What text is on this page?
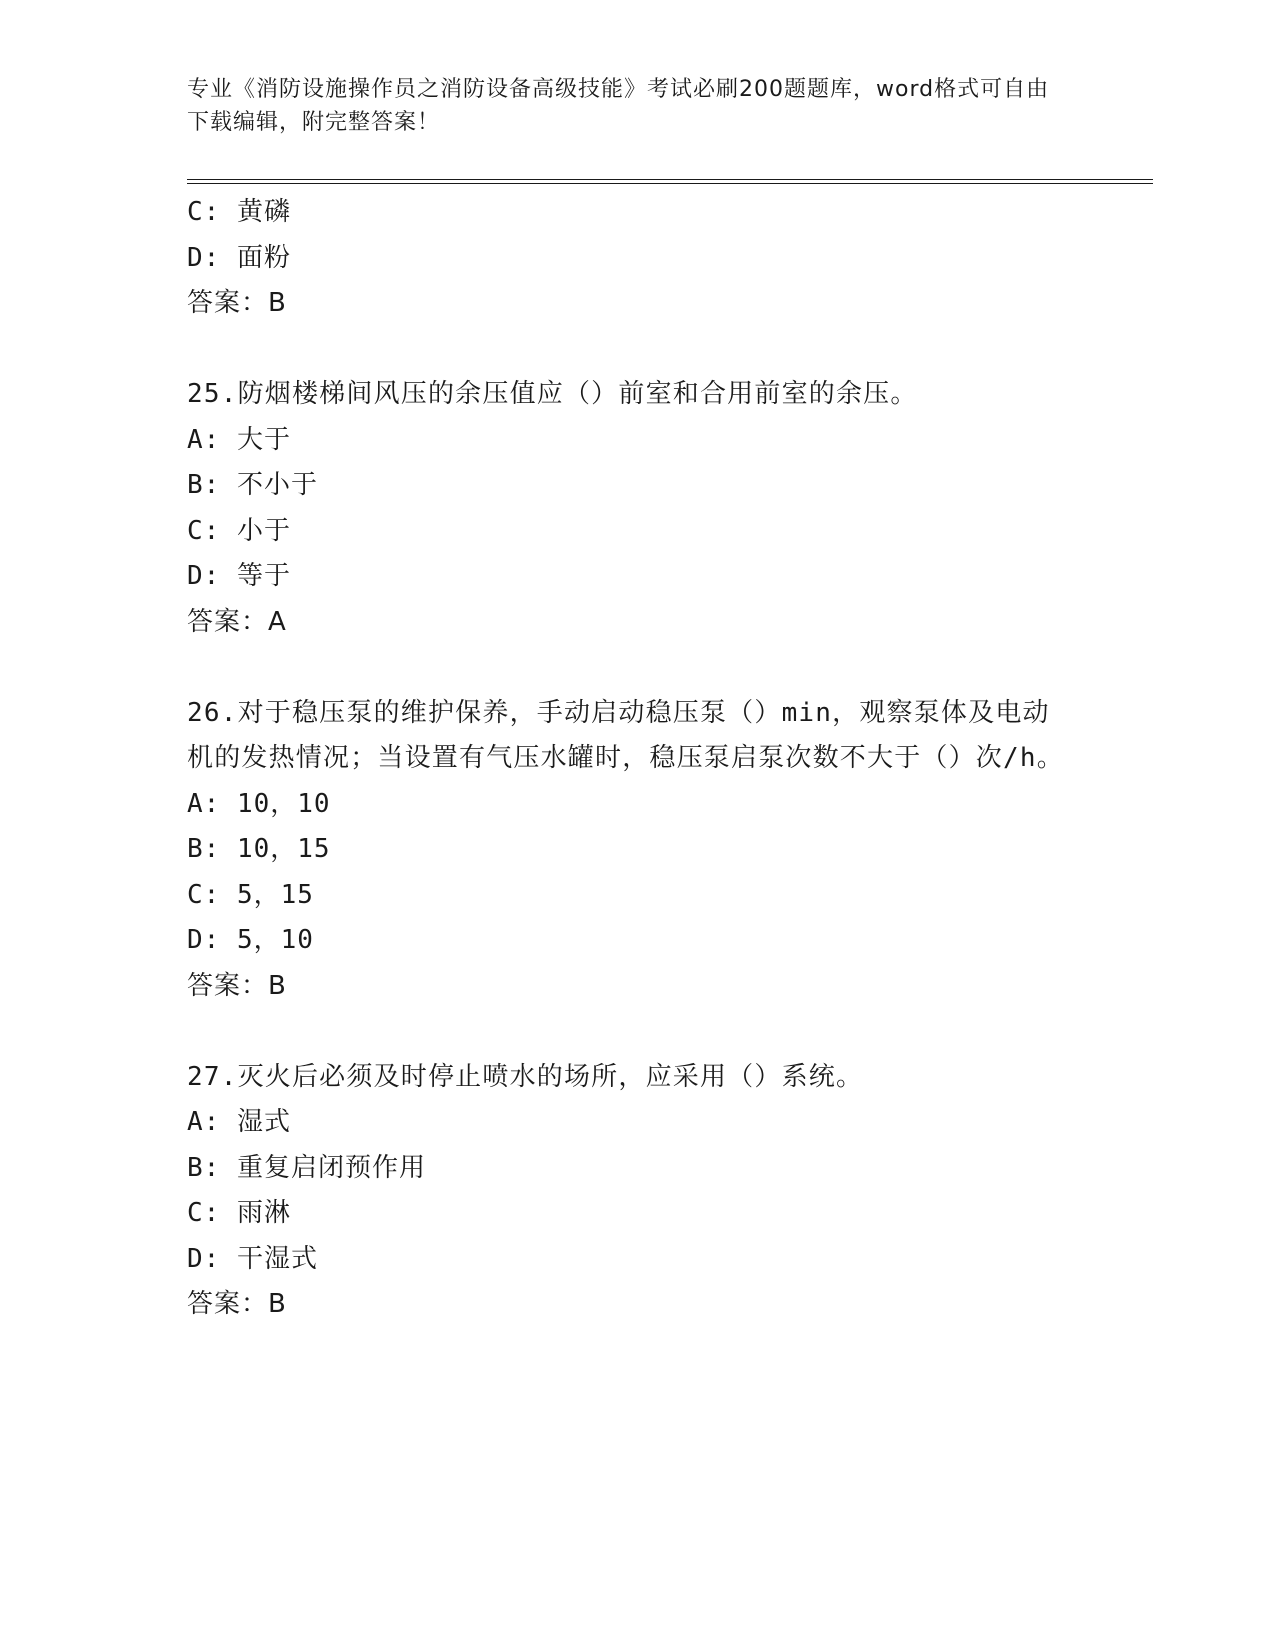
专业《消防设施操作员之消防设备高级技能》考试必刷200题题库，word格式可自由下载编辑，附完整答案！
C: 黄磷
D: 面粉
答案：B
25.防烟楼梯间风压的余压值应（）前室和合用前室的余压。
A: 大于
B: 不小于
C: 小于
D: 等于
答案：A
26.对于稳压泵的维护保养，手动启动稳压泵（）min，观察泵体及电动机的发热情况；当设置有气压水罐时，稳压泵启泵次数不大于（）次/h。
A: 10，10
B: 10，15
C: 5，15
D: 5，10
答案：B
27.灭火后必须及时停止喷水的场所，应采用（）系统。
A: 湿式
B: 重复启闭预作用
C: 雨淋
D: 干湿式
答案：B
